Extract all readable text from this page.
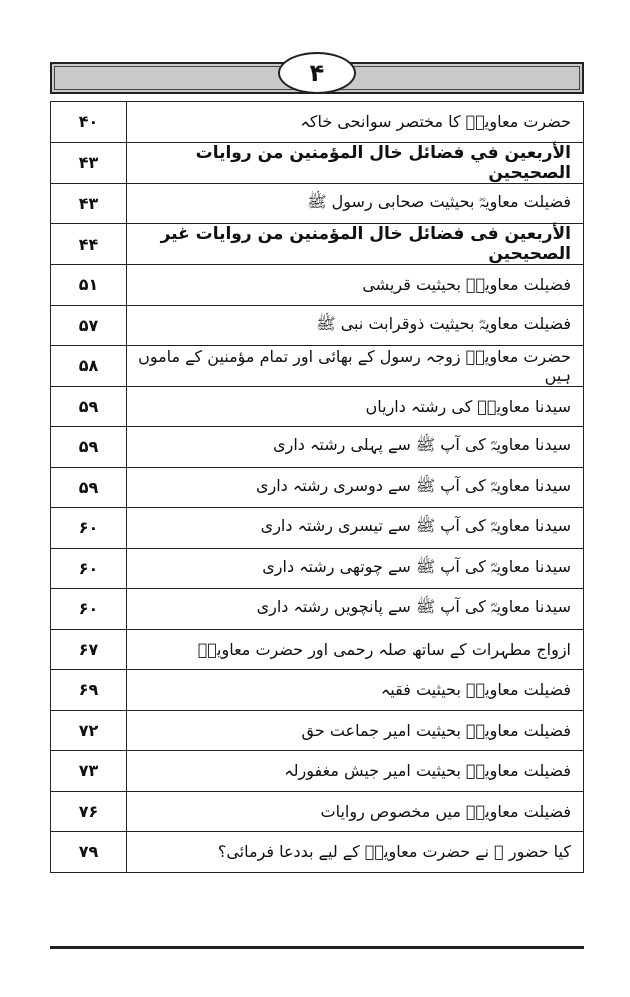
۴
حضرت معاویہؓ کا مختصر سوانحی خاکہ	۴۰
الأربعين في فضائل خال المؤمنين من روايات الصحيحين	۴۳
فضیلت معاویہؓ بحیثیت صحابی رسول ﷺ	۴۳
الأربعين فی فضائل خال المؤمنين من روايات غير الصحيحين	۴۴
فضیلت معاویہؓ بحیثیت قریشی	۵۱
فضیلت معاویہؓ بحیثیت ذوقرابت نبی ﷺ	۵۷
حضرت معاویہؓ زوجہ رسول کے بھائی اور تمام مؤمنین کے ماموں ہیں	۵۸
سیدنا معاویہؓ کی رشتہ داریاں	۵۹
سیدنا معاویہؓ کی آپ ﷺ سے پہلی رشتہ داری	۵۹
سیدنا معاویہؓ کی آپ ﷺ سے دوسری رشتہ داری	۵۹
سیدنا معاویہؓ کی آپ ﷺ سے تیسری رشتہ داری	۶۰
سیدنا معاویہؓ کی آپ ﷺ سے چوتھی رشتہ داری	۶۰
سیدنا معاویہؓ کی آپ ﷺ سے پانچویں رشتہ داری	۶۰
ازواج مطہرات کے ساتھ صلہ رحمی اور حضرت معاویہؓ	۶۷
فضیلت معاویہؓ بحیثیت فقیہ	۶۹
فضیلت معاویہؓ بحیثیت امیر جماعت حق	۷۲
فضیلت معاویہؓ بحیثیت امیر جیش مغفورلہ	۷۳
فضیلت معاویہؓ میں مخصوص روایات	۷۶
کیا حضور ﷺ نے حضرت معاویہؓ کے لیے بددعا فرمائی؟	۷۹
